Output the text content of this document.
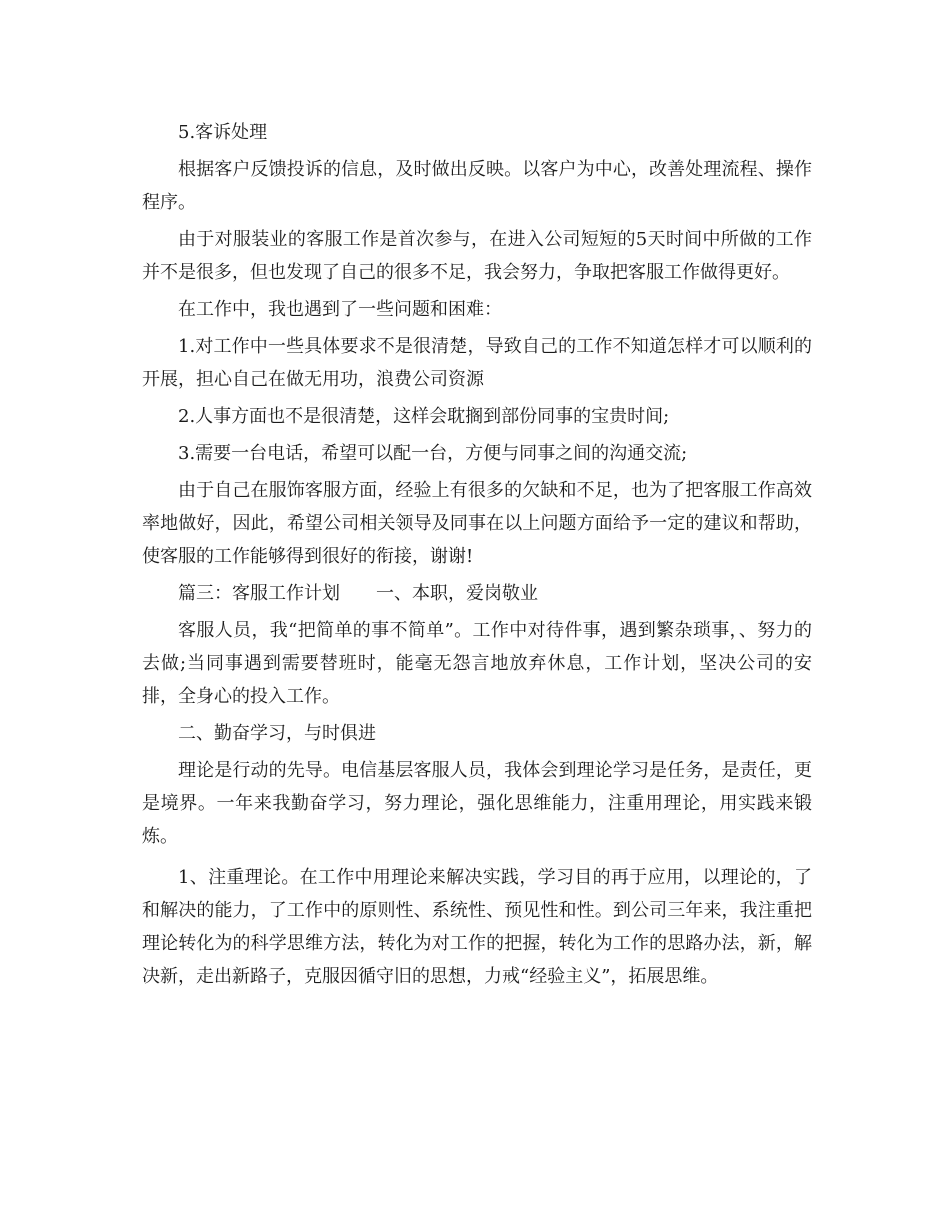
5.客诉处理

根据客户反馈投诉的信息，及时做出反映。以客户为中心，改善处理流程、操作程序。

由于对服装业的客服工作是首次参与，在进入公司短短的5天时间中所做的工作并不是很多，但也发现了自己的很多不足，我会努力，争取把客服工作做得更好。

在工作中，我也遇到了一些问题和困难：

1.对工作中一些具体要求不是很清楚，导致自己的工作不知道怎样才可以顺利的开展，担心自己在做无用功，浪费公司资源

2.人事方面也不是很清楚，这样会耽搁到部份同事的宝贵时间;

3.需要一台电话，希望可以配一台，方便与同事之间的沟通交流;

由于自己在服饰客服方面，经验上有很多的欠缺和不足，也为了把客服工作高效率地做好，因此，希望公司相关领导及同事在以上问题方面给予一定的建议和帮助，使客服的工作能够得到很好的衔接，谢谢!

篇三：客服工作计划 一、本职，爱岗敬业

客服人员，我“把简单的事不简单”。工作中对待件事，遇到繁杂琐事，、努力的去做;当同事遇到需要替班时，能毫无怨言地放弃休息，工作计划，坚决公司的安排，全身心的投入工作。

二、勤奋学习，与时俱进

理论是行动的先导。电信基层客服人员，我体会到理论学习是任务，是责任，更是境界。一年来我勤奋学习，努力理论，强化思维能力，注重用理论，用实践来锻炼。

1、注重理论。在工作中用理论来解决实践，学习目的再于应用，以理论的，了和解决的能力，了工作中的原则性、系统性、预见性和性。到公司三年来，我注重把理论转化为的科学思维方法，转化为对工作的把握，转化为工作的思路办法，新，解决新，走出新路子，克服因循守旧的思想，力戒“经验主义”，拓展思维。
